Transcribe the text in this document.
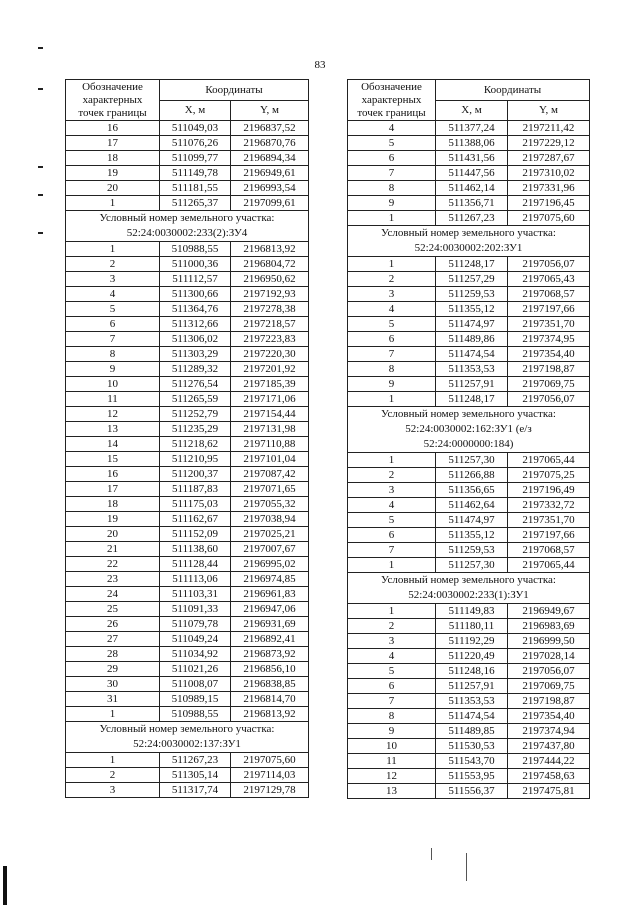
83
Обозначение характерных точек границы	Координаты	
	X, м	Y, м
16	511049,03	2196837,52
17	511076,26	2196870,76
18	511099,77	2196894,34
19	511149,78	2196949,61
20	511181,55	2196993,54
1	511265,37	2197099,61

Условный номер земельного участка:
52:24:0030002:233(2):ЗУ4		

1	510988,55	2196813,92
2	511000,36	2196804,72
3	511112,57	2196950,62
4	511300,66	2197192,93
5	511364,76	2197278,38
6	511312,66	2197218,57
7	511306,02	2197223,83
8	511303,29	2197220,30
9	511289,32	2197201,92
10	511276,54	2197185,39
11	511265,59	2197171,06
12	511252,79	2197154,44
13	511235,29	2197131,98
14	511218,62	2197110,88
15	511210,95	2197101,04
16	511200,37	2197087,42
17	511187,83	2197071,65
18	511175,03	2197055,32
19	511162,67	2197038,94
20	511152,09	2197025,21
21	511138,60	2197007,67
22	511128,44	2196995,02
23	511113,06	2196974,85
24	511103,31	2196961,83
25	511091,33	2196947,06
26	511079,78	2196931,69
27	511049,24	2196892,41
28	511034,92	2196873,92
29	511021,26	2196856,10
30	511008,07	2196838,85
31	510989,15	2196814,70
1	510988,55	2196813,92

Условный номер земельного участка:
52:24:0030002:137:ЗУ1		

1	511267,23	2197075,60
2	511305,14	2197114,03
3	511317,74	2197129,78
Обозначение характерных точек границы	Координаты	
	X, м	Y, м
4	511377,24	2197211,42
5	511388,06	2197229,12
6	511431,56	2197287,67
7	511447,56	2197310,02
8	511462,14	2197331,96
9	511356,71	2197196,45
1	511267,23	2197075,60

Условный номер земельного участка:
52:24:0030002:202:ЗУ1		

1	511248,17	2197056,07
2	511257,29	2197065,43
3	511259,53	2197068,57
4	511355,12	2197197,66
5	511474,97	2197351,70
6	511489,86	2197374,95
7	511474,54	2197354,40
8	511353,53	2197198,87
9	511257,91	2197069,75
1	511248,17	2197056,07

Условный номер земельного участка:
52:24:0030002:162:ЗУ1 (е/з
52:24:0000000:184)		

1	511257,30	2197065,44
2	511266,88	2197075,25
3	511356,65	2197196,49
4	511462,64	2197332,72
5	511474,97	2197351,70
6	511355,12	2197197,66
7	511259,53	2197068,57
1	511257,30	2197065,44

Условный номер земельного участка:
52:24:0030002:233(1):ЗУ1		

1	511149,83	2196949,67
2	511180,11	2196983,69
3	511192,29	2196999,50
4	511220,49	2197028,14
5	511248,16	2197056,07
6	511257,91	2197069,75
7	511353,53	2197198,87
8	511474,54	2197354,40
9	511489,85	2197374,94
10	511530,53	2197437,80
11	511543,70	2197444,22
12	511553,95	2197458,63
13	511556,37	2197475,81
